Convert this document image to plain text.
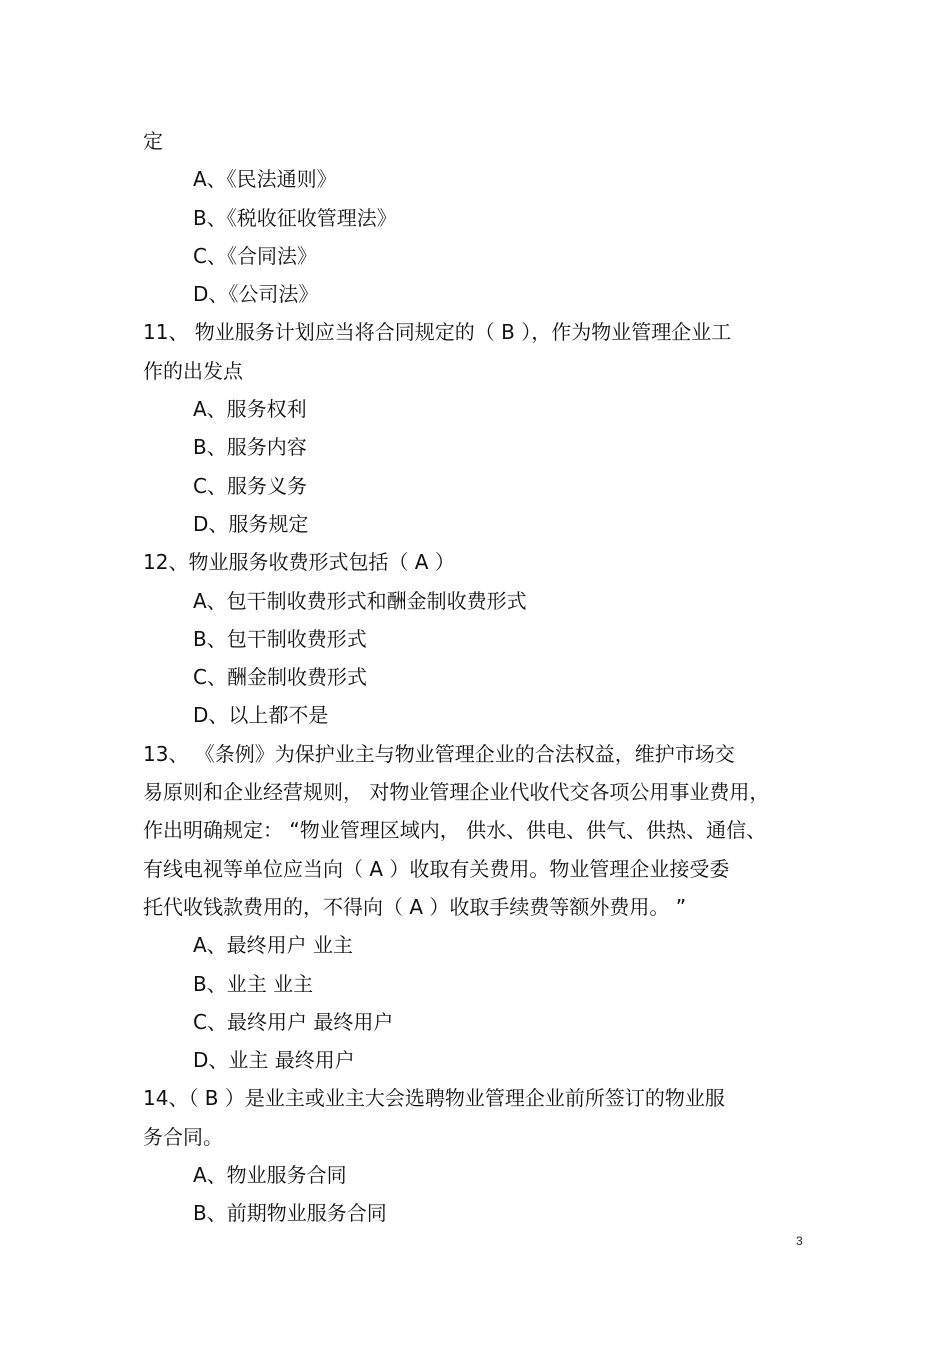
定
A、《民法通则》
B、《税收征收管理法》
C、《合同法》
D、《公司法》
11、 物业服务计划应当将合同规定的（ B ），作为物业管理企业工
作的出发点
A、服务权利
B、服务内容
C、服务义务
D、服务规定
12、物业服务收费形式包括（ A ）
A、包干制收费形式和酬金制收费形式
B、包干制收费形式
C、酬金制收费形式
D、以上都不是
13、 《条例》为保护业主与物业管理企业的合法权益，维护市场交
易原则和企业经营规则， 对物业管理企业代收代交各项公用事业费用，
作出明确规定： “物业管理区域内， 供水、供电、供气、供热、通信、
有线电视等单位应当向（ A ）收取有关费用。物业管理企业接受委
托代收钱款费用的，不得向（ A ）收取手续费等额外费用。 ”
A、最终用户 业主
B、业主 业主
C、最终用户 最终用户
D、业主 最终用户
14、（ B ）是业主或业主大会选聘物业管理企业前所签订的物业服
务合同。
A、物业服务合同
B、前期物业服务合同
3
